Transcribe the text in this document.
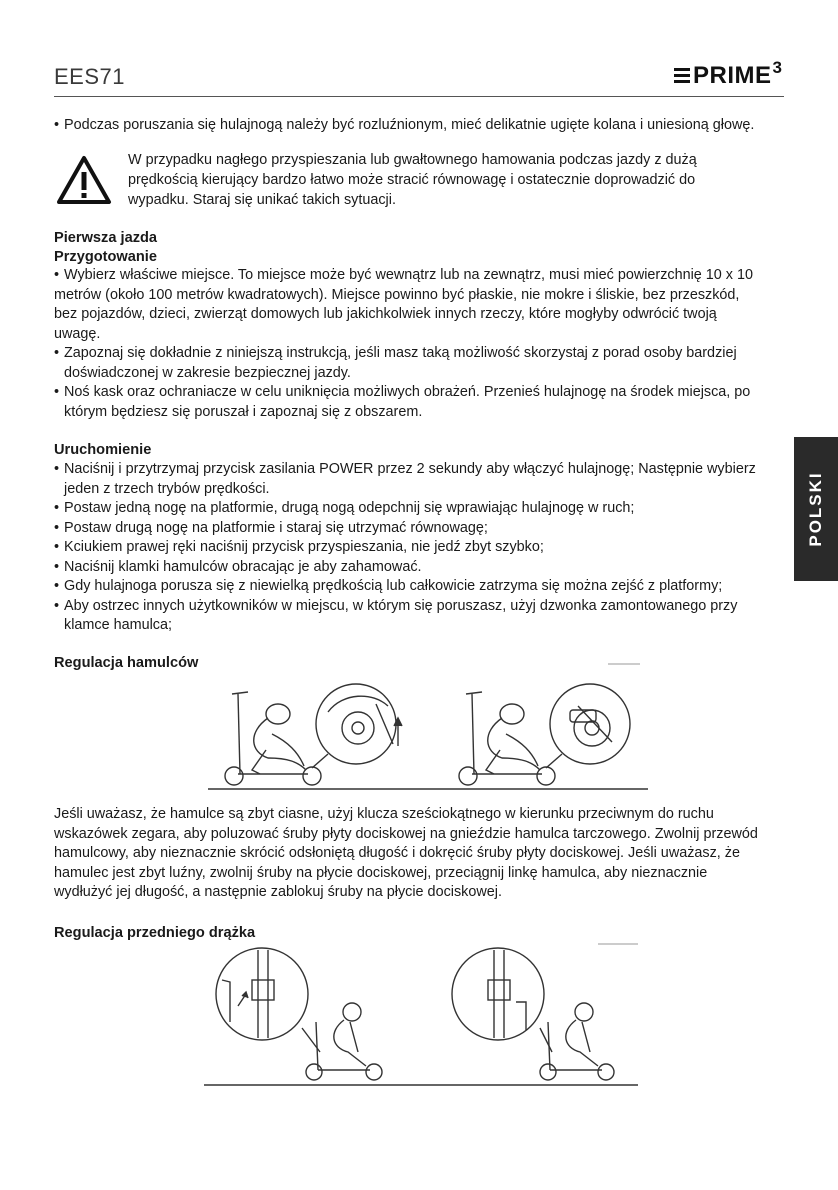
EES71	PRIME 3
• Podczas poruszania się hulajnogą należy być rozluźnionym, mieć delikatnie ugięte kolana i uniesioną głowę.
W przypadku nagłego przyspieszania lub gwałtownego hamowania podczas jazdy z dużą
prędkością kierujący bardzo łatwo może stracić równowagę i ostatecznie doprowadzić do
wypadku. Staraj się unikać takich sytuacji.
Pierwsza jazda
Przygotowanie
• Wybierz właściwe miejsce. To miejsce może być wewnątrz lub na zewnątrz, musi mieć powierzchnię 10 x 10
metrów (około 100 metrów kwadratowych). Miejsce powinno być płaskie, nie mokre i śliskie, bez przeszkód,
bez pojazdów, dzieci, zwierząt domowych lub jakichkolwiek innych rzeczy, które mogłyby odwrócić twoją
uwagę.
• Zapoznaj się dokładnie z niniejszą instrukcją, jeśli masz taką możliwość skorzystaj z porad osoby bardziej
doświadczonej w zakresie bezpiecznej jazdy.
• Noś kask oraz ochraniacze w celu uniknięcia możliwych obrażeń. Przenieś hulajnogę na środek miejsca, po
którym będziesz się poruszał i zapoznaj się z obszarem.
Uruchomienie
• Naciśnij i przytrzymaj przycisk zasilania POWER przez 2 sekundy aby włączyć hulajnogę; Następnie wybierz
jeden z trzech trybów prędkości.
• Postaw jedną nogę na platformie, drugą nogą odepchnij się wprawiając hulajnogę w ruch;
• Postaw drugą nogę na platformie i staraj się utrzymać równowagę;
• Kciukiem prawej ręki naciśnij przycisk przyspieszania, nie jedź zbyt szybko;
• Naciśnij klamki hamulców obracając je aby zahamować.
• Gdy hulajnoga porusza się z niewielką prędkością lub całkowicie zatrzyma się można zejść z platformy;
• Aby ostrzec innych użytkowników w miejscu, w którym się poruszasz, użyj dzwonka zamontowanego przy
klamce hamulca;
POLSKI
Regulacja hamulców
Jeśli uważasz, że hamulce są zbyt ciasne, użyj klucza sześciokątnego w kierunku przeciwnym do ruchu
wskazówek zegara, aby poluzować śruby płyty dociskowej na gnieździe hamulca tarczowego. Zwolnij przewód
hamulcowy, aby nieznacznie skrócić odsłoniętą długość i dokręcić śruby płyty dociskowej. Jeśli uważasz, że
hamulec jest zbyt luźny, zwolnij śruby na płycie dociskowej, przeciągnij linkę hamulca, aby nieznacznie
wydłużyć jej długość, a następnie zablokuj śruby na płycie dociskowej.
Regulacja przedniego drążka
